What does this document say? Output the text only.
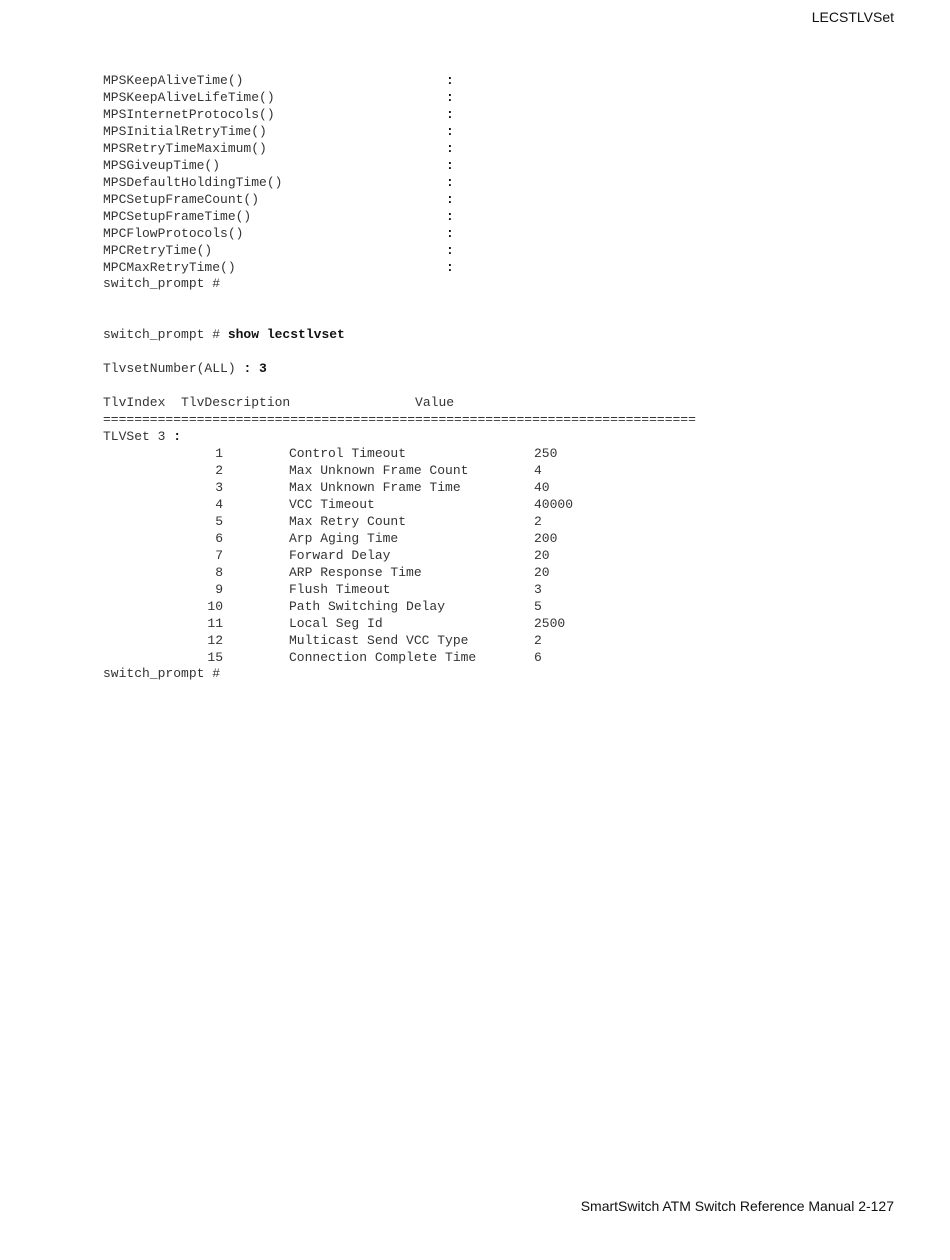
LECSTLVSet
MPSKeepAliveTime()	:
MPSKeepAliveLifeTime()	:
MPSInternetProtocols()	:
MPSInitialRetryTime()	:
MPSRetryTimeMaximum()	:
MPSGiveupTime()	:
MPSDefaultHoldingTime()	:
MPCSetupFrameCount()	:
MPCSetupFrameTime()	:
MPCFlowProtocols()	:
MPCRetryTime()	:
MPCMaxRetryTime()	:
switch_prompt #
switch_prompt # show lecstlvset
TlvsetNumber(ALL) : 3
TlvIndex  TlvDescription                Value
============================================================================
TLVSet 3 :
1	Control Timeout	250
2	Max Unknown Frame Count	4
3	Max Unknown Frame Time	40
4	VCC Timeout	40000
5	Max Retry Count	2
6	Arp Aging Time	200
7	Forward Delay	20
8	ARP Response Time	20
9	Flush Timeout	3
10	Path Switching Delay	5
11	Local Seg Id	2500
12	Multicast Send VCC Type	2
15	Connection Complete Time	6
switch_prompt #
SmartSwitch ATM Switch Reference Manual 2-127
